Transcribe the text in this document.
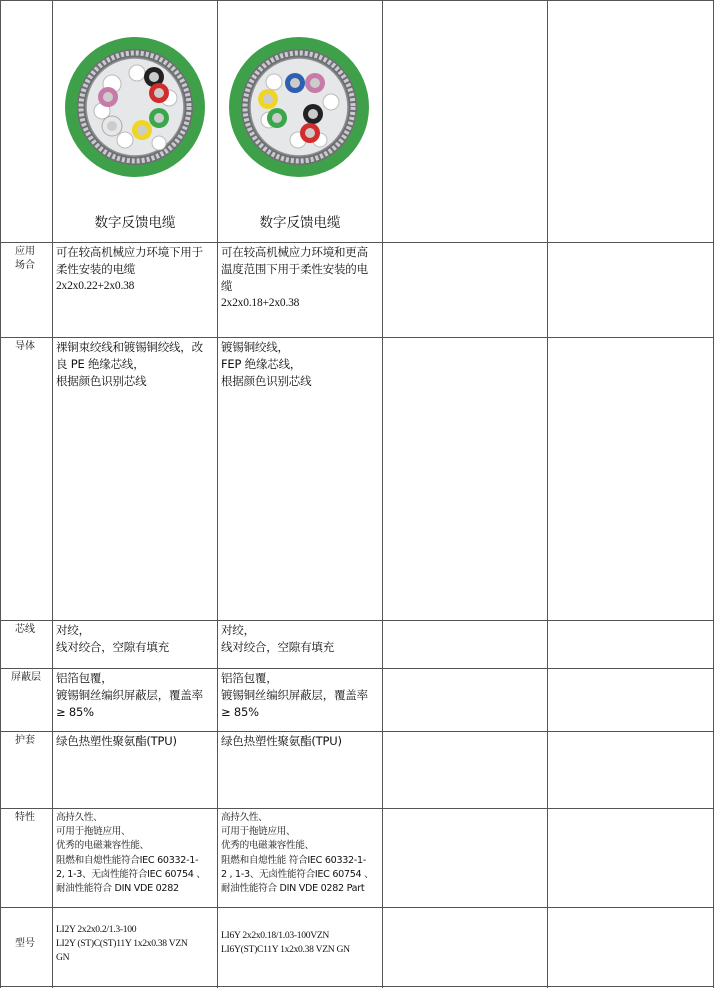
数字反馈电缆	数字反馈电缆
应用
场合
导体
芯线
屏蔽层
护套
特性
型号
可在较高机械应力环境下用于
柔性安装的电缆
2x2x0.22+2x0.38
裸铜束绞线和镀锡铜绞线，改
良 PE 绝缘芯线，
根据颜色识别芯线
对绞，
线对绞合，空隙有填充
铝箔包覆，
镀锡铜丝编织屏蔽层，覆盖率
≥ 85%
绿色热塑性聚氨酯(TPU)
高持久性、
可用于拖链应用、
优秀的电磁兼容性能、
阻燃和自熄性能符合IEC 60332-1-
2, 1-3、无卤性能符合IEC 60754 、
耐油性能符合 DIN VDE 0282
LI2Y 2x2x0.2/1.3-100
LI2Y (ST)C(ST)11Y 1x2x0.38 VZN
GN
可在较高机械应力环境和更高
温度范围下用于柔性安装的电
缆
2x2x0.18+2x0.38
镀锡铜绞线，
FEP 绝缘芯线，
根据颜色识别芯线
对绞，
线对绞合，空隙有填充
铝箔包覆，
镀锡铜丝编织屏蔽层，覆盖率
≥ 85%
绿色热塑性聚氨酯(TPU)
高持久性、
可用于拖链应用、
优秀的电磁兼容性能、
阻燃和自熄性能 符合IEC 60332-1-
2 , 1-3、无卤性能符合IEC 60754 、
耐油性能符合 DIN VDE 0282 Part
LI6Y 2x2x0.18/1.03-100VZN
LI6Y(ST)C11Y 1x2x0.38 VZN GN
